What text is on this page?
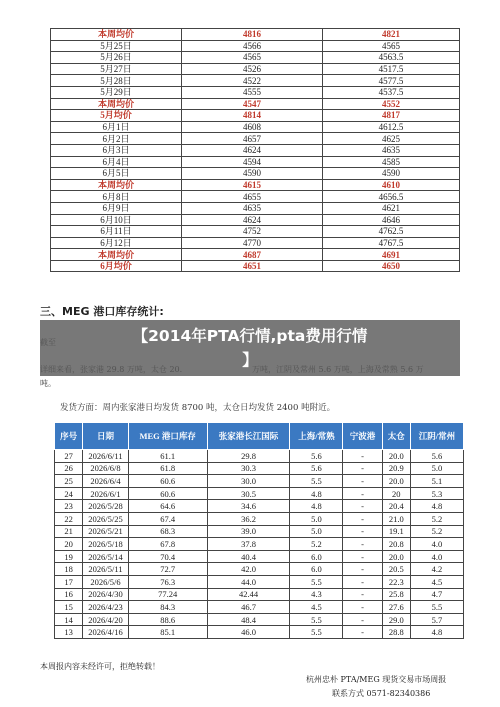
本周均价	4816	4821
5月25日	4566	4565
5月26日	4565	4563.5
5月27日	4526	4517.5
5月28日	4522	4577.5
5月29日	4555	4537.5
本周均价	4547	4552
5月均价	4814	4817
6月1日	4608	4612.5
6月2日	4657	4625
6月3日	4624	4635
6月4日	4594	4585
6月5日	4590	4590
本周均价	4615	4610
6月8日	4655	4656.5
6月9日	4635	4621
6月10日	4624	4646
6月11日	4752	4762.5
6月12日	4770	4767.5
本周均价	4687	4691
6月均价	4651	4650
三、MEG 港口库存统计:
吨。
【2014年PTA行情,pta费用行情
】
发货方面：周内张家港日均发货 8700 吨，太仓日均发货 2400 吨附近。
序号	日期	MEG 港口库存	张家港长江国际	上海/常熟	宁波港	太仓	江阴/常州
27	2026/6/11	61.1	29.8	5.6	-	20.0	5.6
26	2026/6/8	61.8	30.3	5.6	-	20.9	5.0
25	2026/6/4	60.6	30.0	5.5	-	20.0	5.1
24	2026/6/1	60.6	30.5	4.8	-	20	5.3
23	2026/5/28	64.6	34.6	4.8	-	20.4	4.8
22	2026/5/25	67.4	36.2	5.0	-	21.0	5.2
21	2026/5/21	68.3	39.0	5.0	-	19.1	5.2
20	2026/5/18	67.8	37.8	5.2	-	20.8	4.0
19	2026/5/14	70.4	40.4	6.0	-	20.0	4.0
18	2026/5/11	72.7	42.0	6.0	-	20.5	4.2
17	2026/5/6	76.3	44.0	5.5	-	22.3	4.5
16	2026/4/30	77.24	42.44	4.3	-	25.8	4.7
15	2026/4/23	84.3	46.7	4.5	-	27.6	5.5
14	2026/4/20	88.6	48.4	5.5	-	29.0	5.7
13	2026/4/16	85.1	46.0	5.5	-	28.8	4.8
本周报内容未经许可，拒绝转载！
杭州忠朴 PTA/MEG 现货交易市场周报
联系方式 0571-82340386
